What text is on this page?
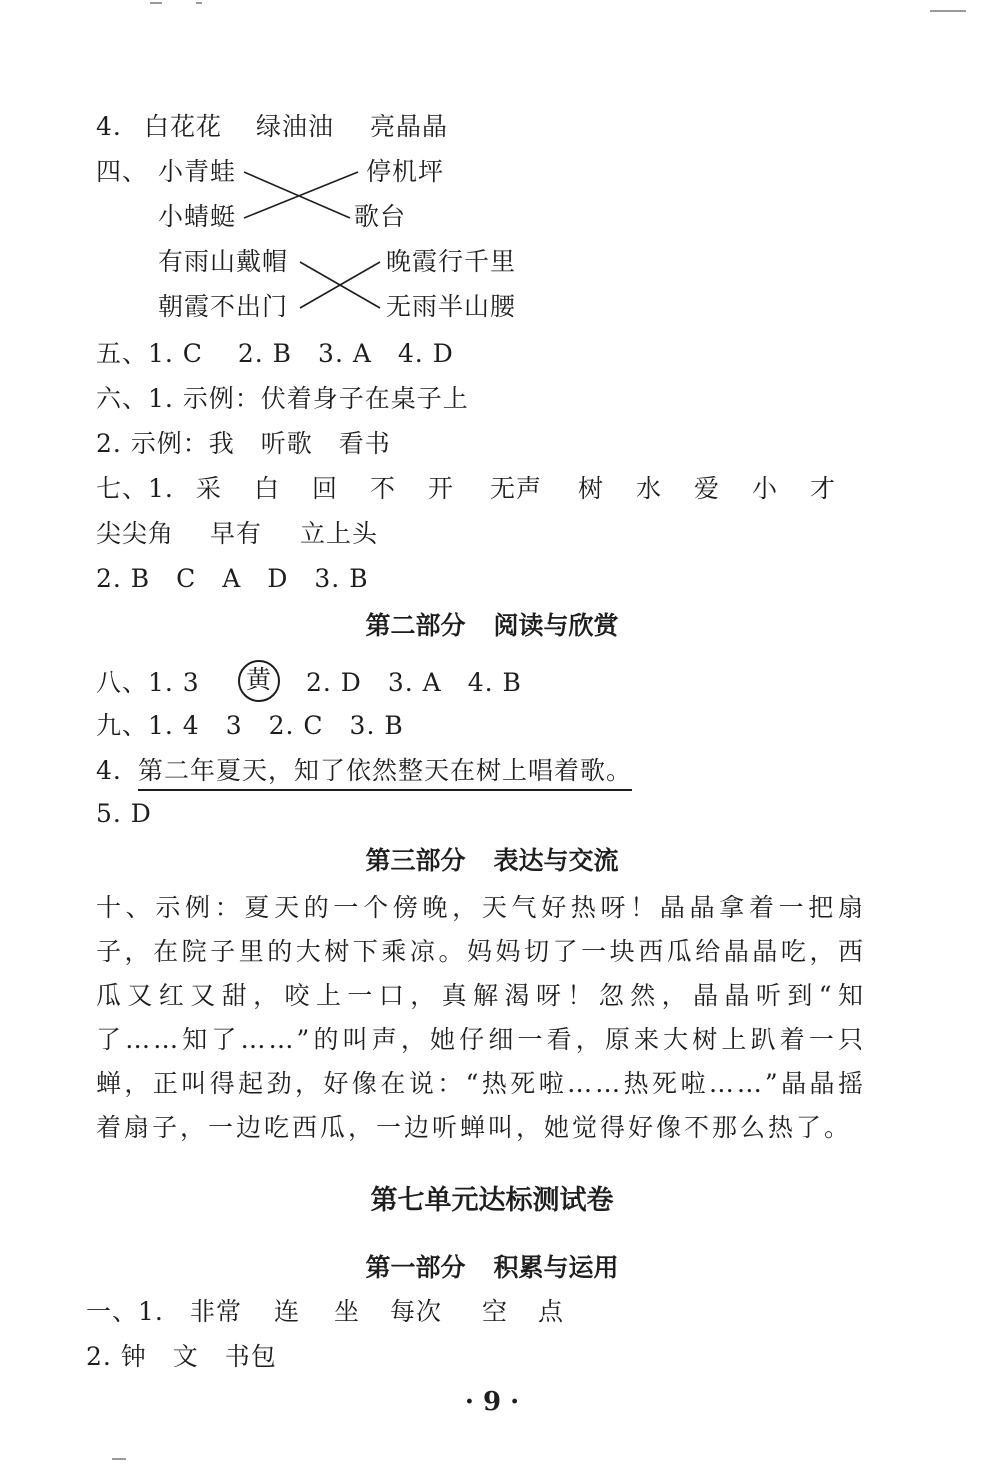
4. 白花花 绿油油 亮晶晶
四、 小青蛙
小蜻蜓
停机坪
歌台
有雨山戴帽
朝霞不出门
晚霞行千里
无雨半山腰
五、1. C　 2. B　3. A　4. D
六、1. 示例：伏着身子在桌子上
2. 示例：我　听歌　看书
七、1. 采 白 回 不 开 无声 树 水 爱 小 才
尖尖角 早有 立上头
2. B　C　A　D　3. B
第二部分 阅读与欣赏
八、1. 3 黄 2. D　3. A　4. B
九、1. 4　3　2. C　3. B
4. 第二年夏天，知了依然整天在树上唱着歌。
5. D
第三部分 表达与交流
十、示例：夏天的一个傍晚，天气好热呀！晶晶拿着一把扇子，在院子里的大树下乘凉。妈妈切了一块西瓜给晶晶吃，西瓜又红又甜，咬上一口，真解渴呀！忽然，晶晶听到“知了……知了……”的叫声，她仔细一看，原来大树上趴着一只蝉，正叫得起劲，好像在说：“热死啦……热死啦……”晶晶摇着扇子，一边吃西瓜，一边听蝉叫，她觉得好像不那么热了。
第七单元达标测试卷
第一部分 积累与运用
一、1. 非常 连 坐 每次 空 点
2. 钟　文　书包
· 9 ·
